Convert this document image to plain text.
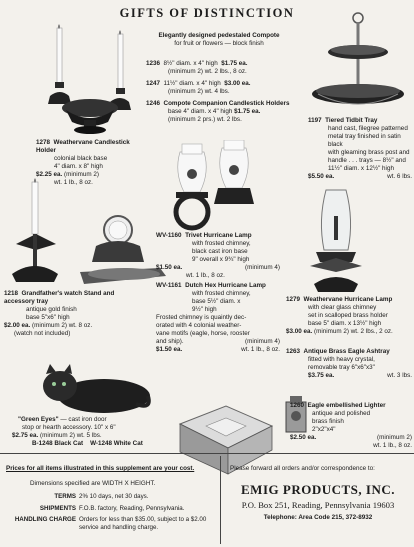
GIFTS OF DISTINCTION
Elegantly designed pedestaled Compote
for fruit or flowers — block finish
1236 8½" diam. x 4" high $1.75 ea.
(minimum 2) wt. 2 lbs., 8 oz.
1247 11½" diam. x 4" high $3.00 ea.
(minimum 2) wt. 4 lbs.
1246 Compote Companion Candlestick Holders
base 4" diam. x 4" high $1.75 ea.
(minimum 2 prs.) wt. 2 lbs.	1197 Tiered Tidbit Tray
hand cast, filegree patterned
metal tray finished in satin black
with gleaming brass post and
handle . . . trays — 8½" and
11½" diam. x 12½" high
$5.50 ea.	wt. 6 lbs.
1278 Weathervane Candlestick Holder
colonial black base
4" diam. x 8" high
$2.25 ea. (minimum 2)
wt. 1 lb., 8 oz.
WV-1160 Trivet Hurricane Lamp
with frosted chimney,
black cast iron base
9" overall x 9¾" high
$1.50 ea.	(minimum 4)
wt. 1 lb., 8 oz.
WV-1161 Dutch Hex Hurricane Lamp
with frosted chimney,
base 5½" diam. x
9½" high
Frosted chimney is quaintly dec-
orated with 4 colonial weather-
vane motifs (eagle, horse, rooster
and ship).	(minimum 4)
$1.50 ea.	wt. 1 lb., 8 oz.
1218 Grandfather's watch Stand and accessory tray
antique gold finish
base 5"x6" high
$2.00 ea. (minimum 2) wt. 8 oz.
(watch not included)
1279 Weathervane Hurricane Lamp
with clear glass chimney
set in scalloped brass holder
base 5" diam. x 13½" high
$3.00 ea. (minimum 2) wt. 2 lbs., 2 oz.
1263 Antique Brass Eagle Ashtray
fitted with heavy crystal,
removable tray 6"x6"x3"
$3.75 ea.	wt. 3 lbs.
1260 Eagle embellished Lighter
antique and polished
brass finish
2"x2"x4"
$2.50 ea.	(minimum 2)
wt. 1 lb., 8 oz.
"Green Eyes" — cast iron door
stop or hearth accessory. 10" x 6"
$2.75 ea. (minimum 2) wt. 5 lbs.
B-1248 Black Cat    W-1248 White Cat
Prices for all items illustrated in this supplement are your cost.
Dimensions specified are WIDTH X HEIGHT.
TERMS	2% 10 days, net 30 days.
SHIPMENTS	F.O.B. factory, Reading, Pennsylvania.
HANDLING CHARGE	Orders for less than $35.00, subject to a $2.00 service and handling charge.
Please forward all orders and/or correspondence to:
EMIG PRODUCTS, INC.
P.O. Box 251, Reading, Pennsylvania 19603
Telephone: Area Code 215, 372-8932
